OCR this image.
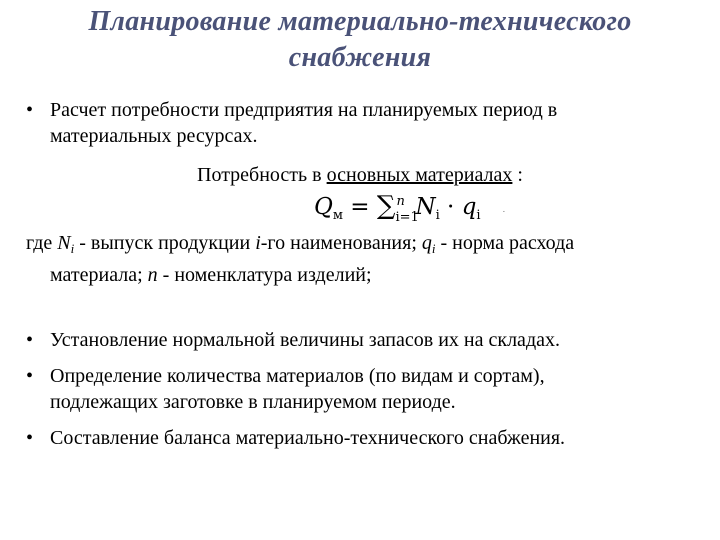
Планирование материально-технического
снабжения
• Расчет потребности предприятия на планируемых период в
материальных ресурсах.
Потребность в основных материалах :
$Q_м$ = ∑ n
i=1
$N_i \cdot q_i$	.
где $N_i$ - выпуск продукции i-го наименования; $q_i$ - норма расхода
материала; n - номенклатура изделий;
• Установление нормальной величины запасов их на складах.
• Определение количества материалов (по видам и сортам),
подлежащих заготовке в планируемом периоде.
• Составление баланса материально-технического снабжения.
